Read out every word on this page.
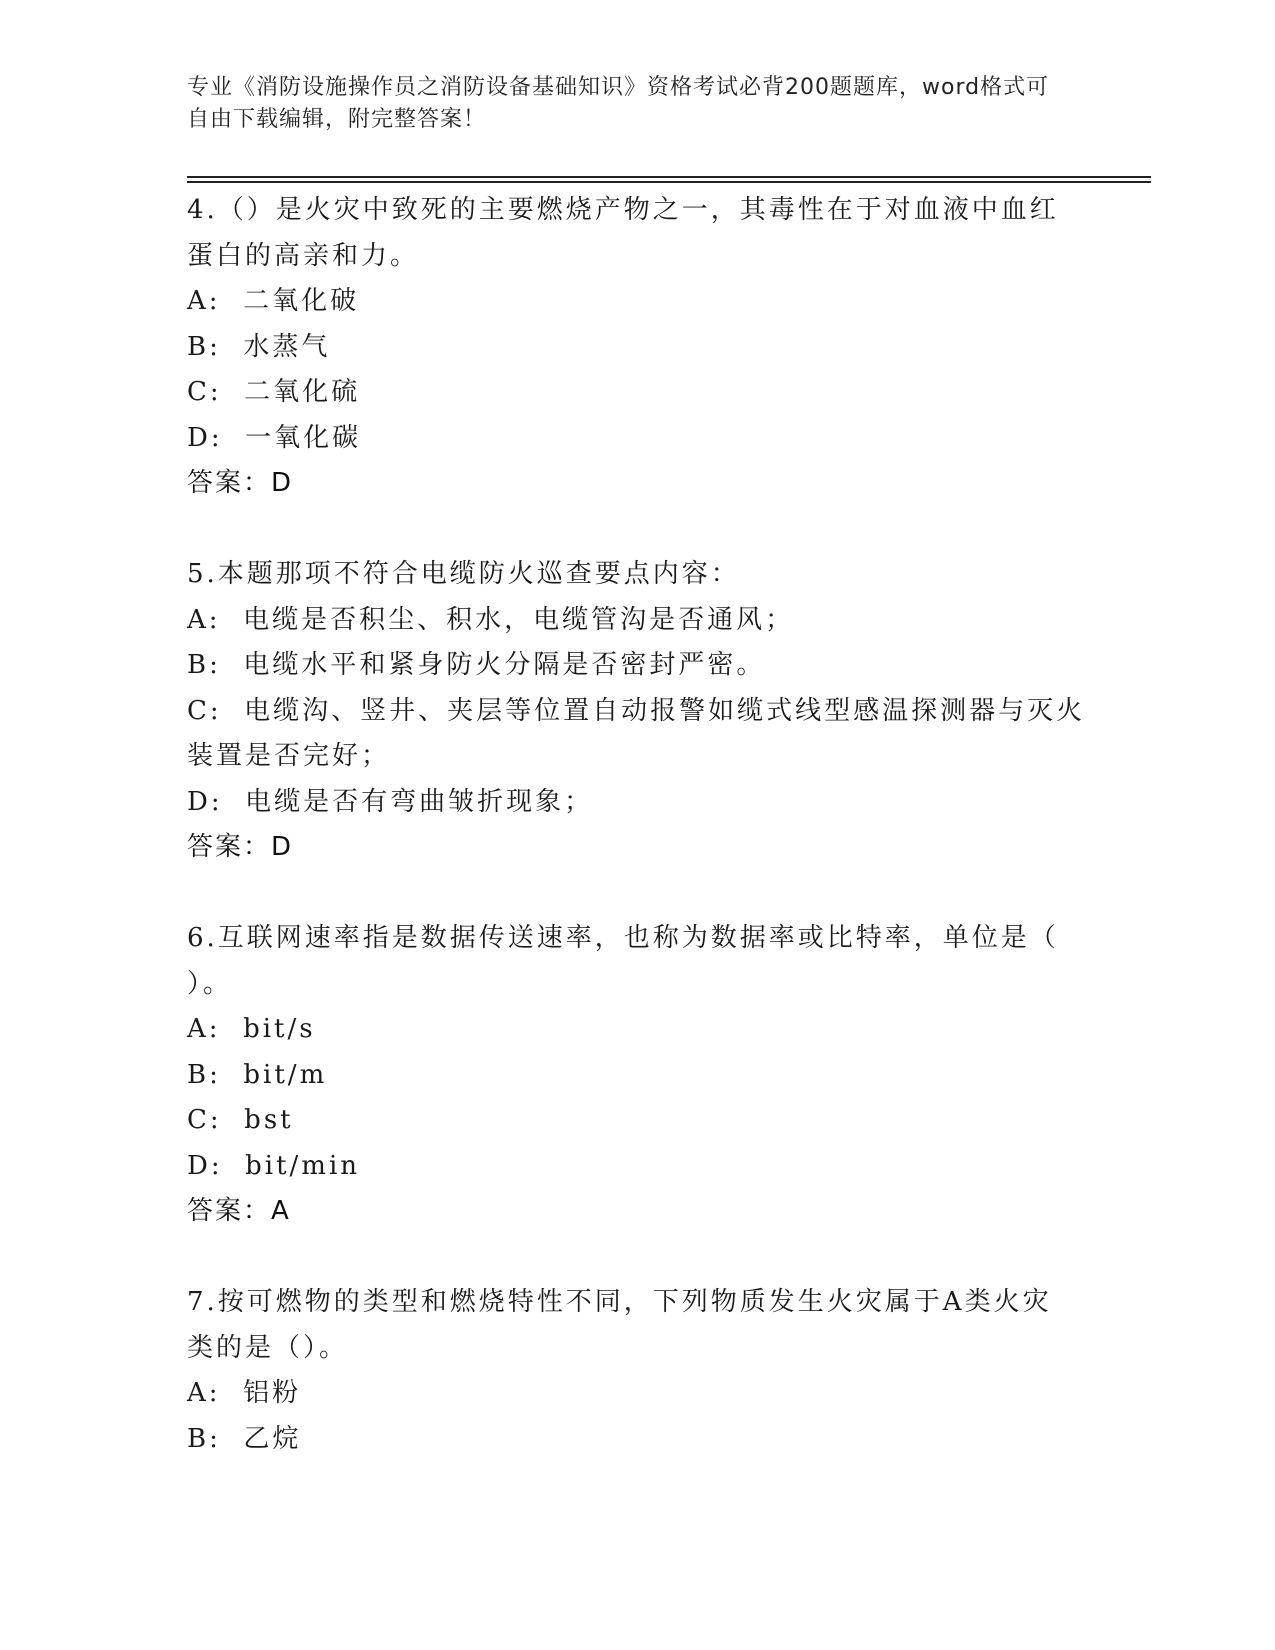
专业《消防设施操作员之消防设备基础知识》资格考试必背200题题库，word格式可自由下载编辑，附完整答案！
4.（）是火灾中致死的主要燃烧产物之一，其毒性在于对血液中血红
蛋白的高亲和力。
A:  二氧化破
B:  水蒸气
C:  二氧化硫
D:  一氧化碳
答案：D
5.本题那项不符合电缆防火巡查要点内容：
A:  电缆是否积尘、积水，电缆管沟是否通风；
B:  电缆水平和紧身防火分隔是否密封严密。
C:  电缆沟、竖井、夹层等位置自动报警如缆式线型感温探测器与灭火
装置是否完好；
D:  电缆是否有弯曲皱折现象；
答案：D
6.互联网速率指是数据传送速率，也称为数据率或比特率，单位是（
）。
A:  bit/s
B:  bit/m
C:  bst
D:  bit/min
答案：A
7.按可燃物的类型和燃烧特性不同，下列物质发生火灾属于A类火灾
类的是（）。
A:  铝粉
B:  乙烷
